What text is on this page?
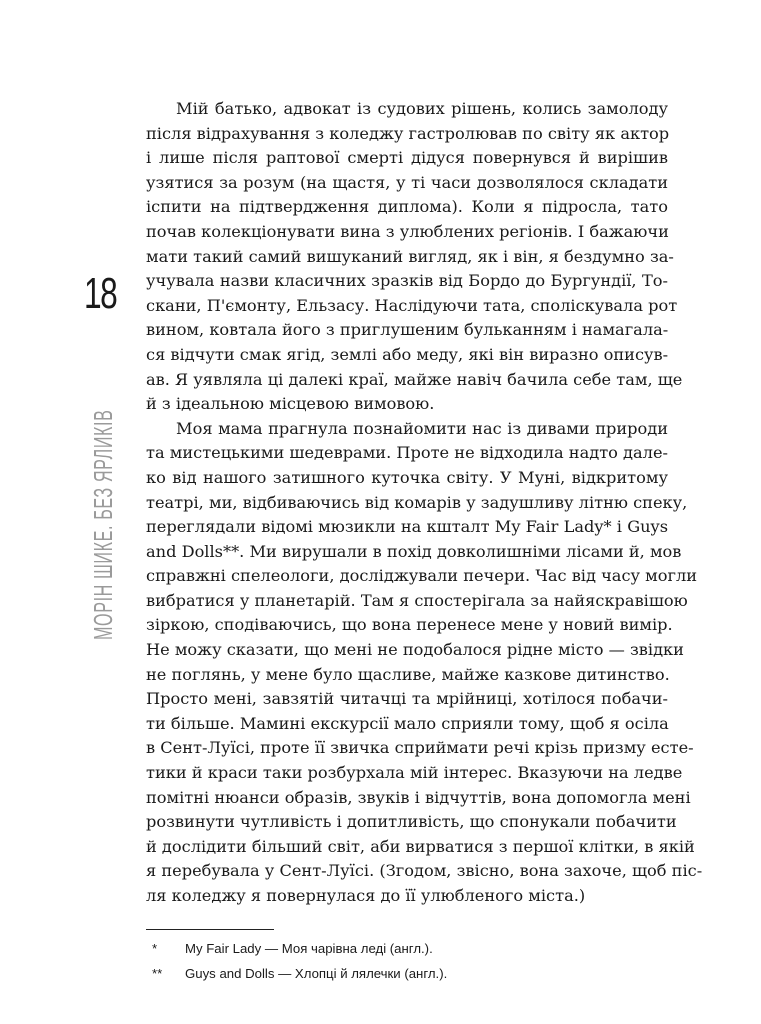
18
МОРІН ШИКЕ. БЕЗ ЯРЛИКІВ
Мій батько, адвокат із судових рішень, колись замолоду
після відрахування з коледжу гастролював по світу як актор
і лише після раптової смерті дідуся повернувся й вирішив
узятися за розум (на щастя, у ті часи дозволялося складати
іспити на підтвердження диплома). Коли я підросла, тато
почав колекціонувати вина з улюблених регіонів. І бажаючи
мати такий самий вишуканий вигляд, як і він, я бездумно за-
учувала назви класичних зразків від Бордо до Бургундії, То-
скани, П'ємонту, Ельзасу. Наслідуючи тата, споліскувала рот
вином, ковтала його з приглушеним бульканням і намагала-
ся відчути смак ягід, землі або меду, які він виразно описув-
ав. Я уявляла ці далекі краї, майже навіч бачила себе там, ще
й з ідеальною місцевою вимовою.
Моя мама прагнула познайомити нас із дивами природи
та мистецькими шедеврами. Проте не відходила надто дале-
ко від нашого затишного куточка світу. У Муні, відкритому
театрі, ми, відбиваючись від комарів у задушливу літню спеку,
переглядали відомі мюзикли на кшталт My Fair Lady* і Guys
and Dolls**. Ми вирушали в похід довколишніми лісами й, мов
справжні спелеологи, досліджували печери. Час від часу могли
вибратися у планетарій. Там я спостерігала за найяскравішою
зіркою, сподіваючись, що вона перенесе мене у новий вимір.
Не можу сказати, що мені не подобалося рідне місто — звідки
не поглянь, у мене було щасливе, майже казкове дитинство.
Просто мені, завзятій читачці та мрійниці, хотілося побачи-
ти більше. Мамині екскурсії мало сприяли тому, щоб я осіла
в Сент-Луїсі, проте її звичка сприймати речі крізь призму есте-
тики й краси таки розбурхала мій інтерес. Вказуючи на ледве
помітні нюанси образів, звуків і відчуттів, вона допомогла мені
розвинути чутливість і допитливість, що спонукали побачити
й дослідити більший світ, аби вирватися з першої клітки, в якій
я перебувала у Сент-Луїсі. (Згодом, звісно, вона захоче, щоб піс-
ля коледжу я повернулася до її улюбленого міста.)
*	My Fair Lady — Моя чарівна леді (англ.).
**	Guys and Dolls — Хлопці й лялечки (англ.).
